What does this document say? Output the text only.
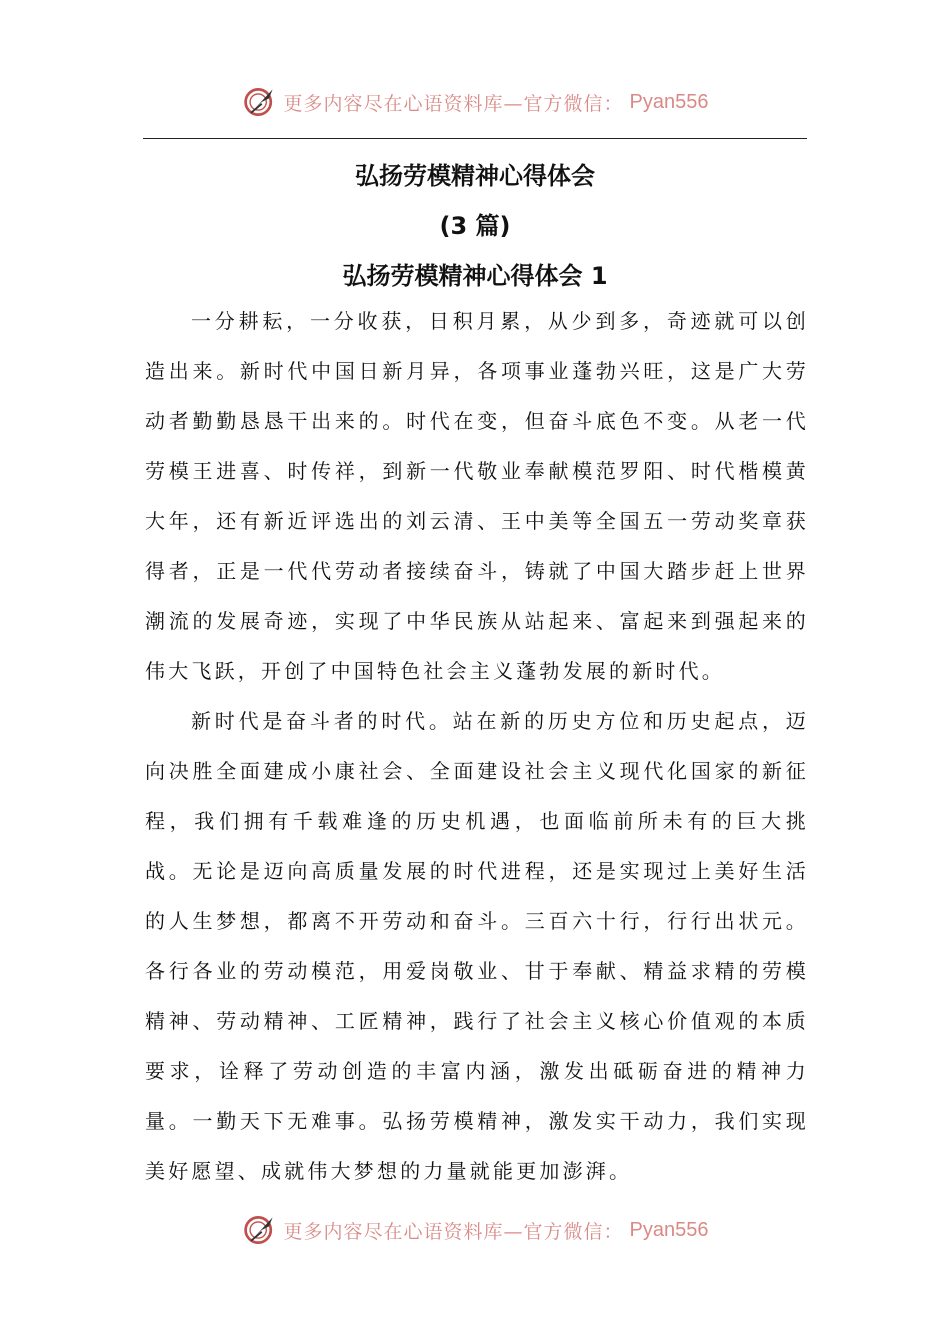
更多内容尽在心语资料库—官方微信： Pyan556
弘扬劳模精神心得体会
(3 篇)
弘扬劳模精神心得体会 1

一分耕耘，一分收获，日积月累，从少到多，奇迹就可以创造出来。新时代中国日新月异，各项事业蓬勃兴旺，这是广大劳动者勤勤恳恳干出来的。时代在变，但奋斗底色不变。从老一代劳模王进喜、时传祥，到新一代敬业奉献模范罗阳、时代楷模黄大年，还有新近评选出的刘云清、王中美等全国五一劳动奖章获得者，正是一代代劳动者接续奋斗，铸就了中国大踏步赶上世界潮流的发展奇迹，实现了中华民族从站起来、富起来到强起来的伟大飞跃，开创了中国特色社会主义蓬勃发展的新时代。

新时代是奋斗者的时代。站在新的历史方位和历史起点，迈向决胜全面建成小康社会、全面建设社会主义现代化国家的新征程，我们拥有千载难逢的历史机遇，也面临前所未有的巨大挑战。无论是迈向高质量发展的时代进程，还是实现过上美好生活的人生梦想，都离不开劳动和奋斗。三百六十行，行行出状元。各行各业的劳动模范，用爱岗敬业、甘于奉献、精益求精的劳模精神、劳动精神、工匠精神，践行了社会主义核心价值观的本质要求，诠释了劳动创造的丰富内涵，激发出砥砺奋进的精神力量。一勤天下无难事。弘扬劳模精神，激发实干动力，我们实现美好愿望、成就伟大梦想的力量就能更加澎湃。

更多内容尽在心语资料库—官方微信： Pyan556
